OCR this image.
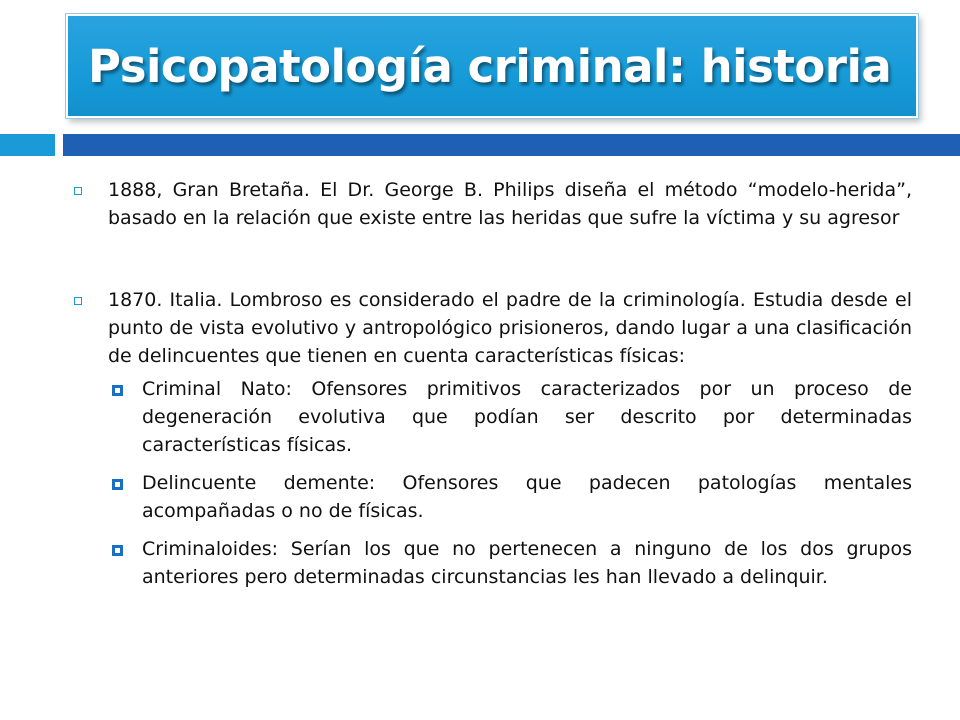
Psicopatología criminal: historia
1888, Gran Bretaña. El Dr. George B. Philips diseña el método “modelo-herida”, basado en la relación que existe entre las heridas que sufre la víctima y su agresor
1870. Italia. Lombroso es considerado el padre de la criminología. Estudia desde el punto de vista evolutivo y antropológico prisioneros, dando lugar a una clasificación de delincuentes que tienen en cuenta características físicas:
Criminal Nato: Ofensores primitivos caracterizados por un proceso de degeneración evolutiva que podían ser descrito por determinadas características físicas.
Delincuente demente: Ofensores que padecen patologías mentales acompañadas o no de físicas.
Criminaloides: Serían los que no pertenecen a ninguno de los dos grupos anteriores pero determinadas circunstancias les han llevado a delinquir.
